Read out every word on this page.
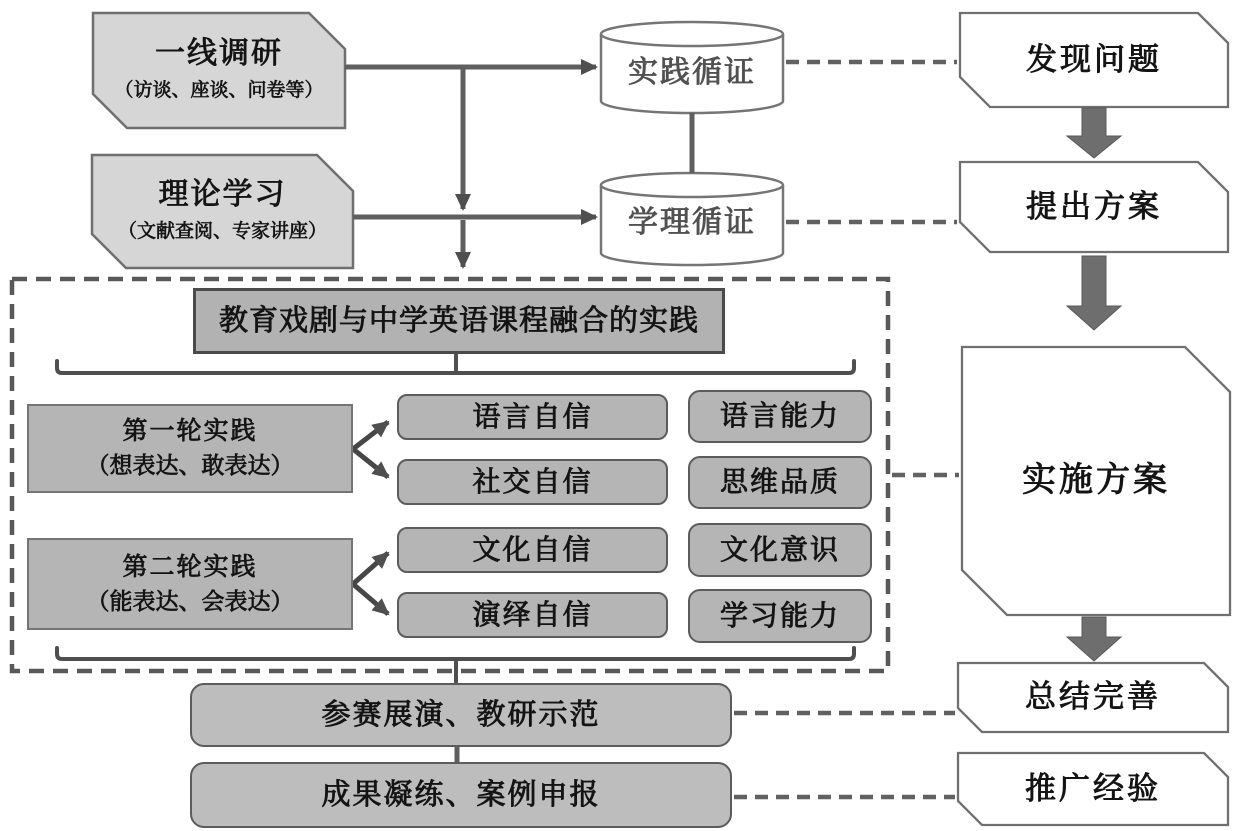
一线调研
（访谈、座谈、问卷等）
理论学习
（文献查阅、专家讲座）
实践循证
学理循证
发现问题
提出方案
实施方案
总结完善
推广经验
教育戏剧与中学英语课程融合的实践
第一轮实践
（想表达、敢表达）
第二轮实践
（能表达、会表达）
语言自信
社交自信
文化自信
演绎自信
语言能力
思维品质
文化意识
学习能力
参赛展演、教研示范
成果凝练、案例申报
